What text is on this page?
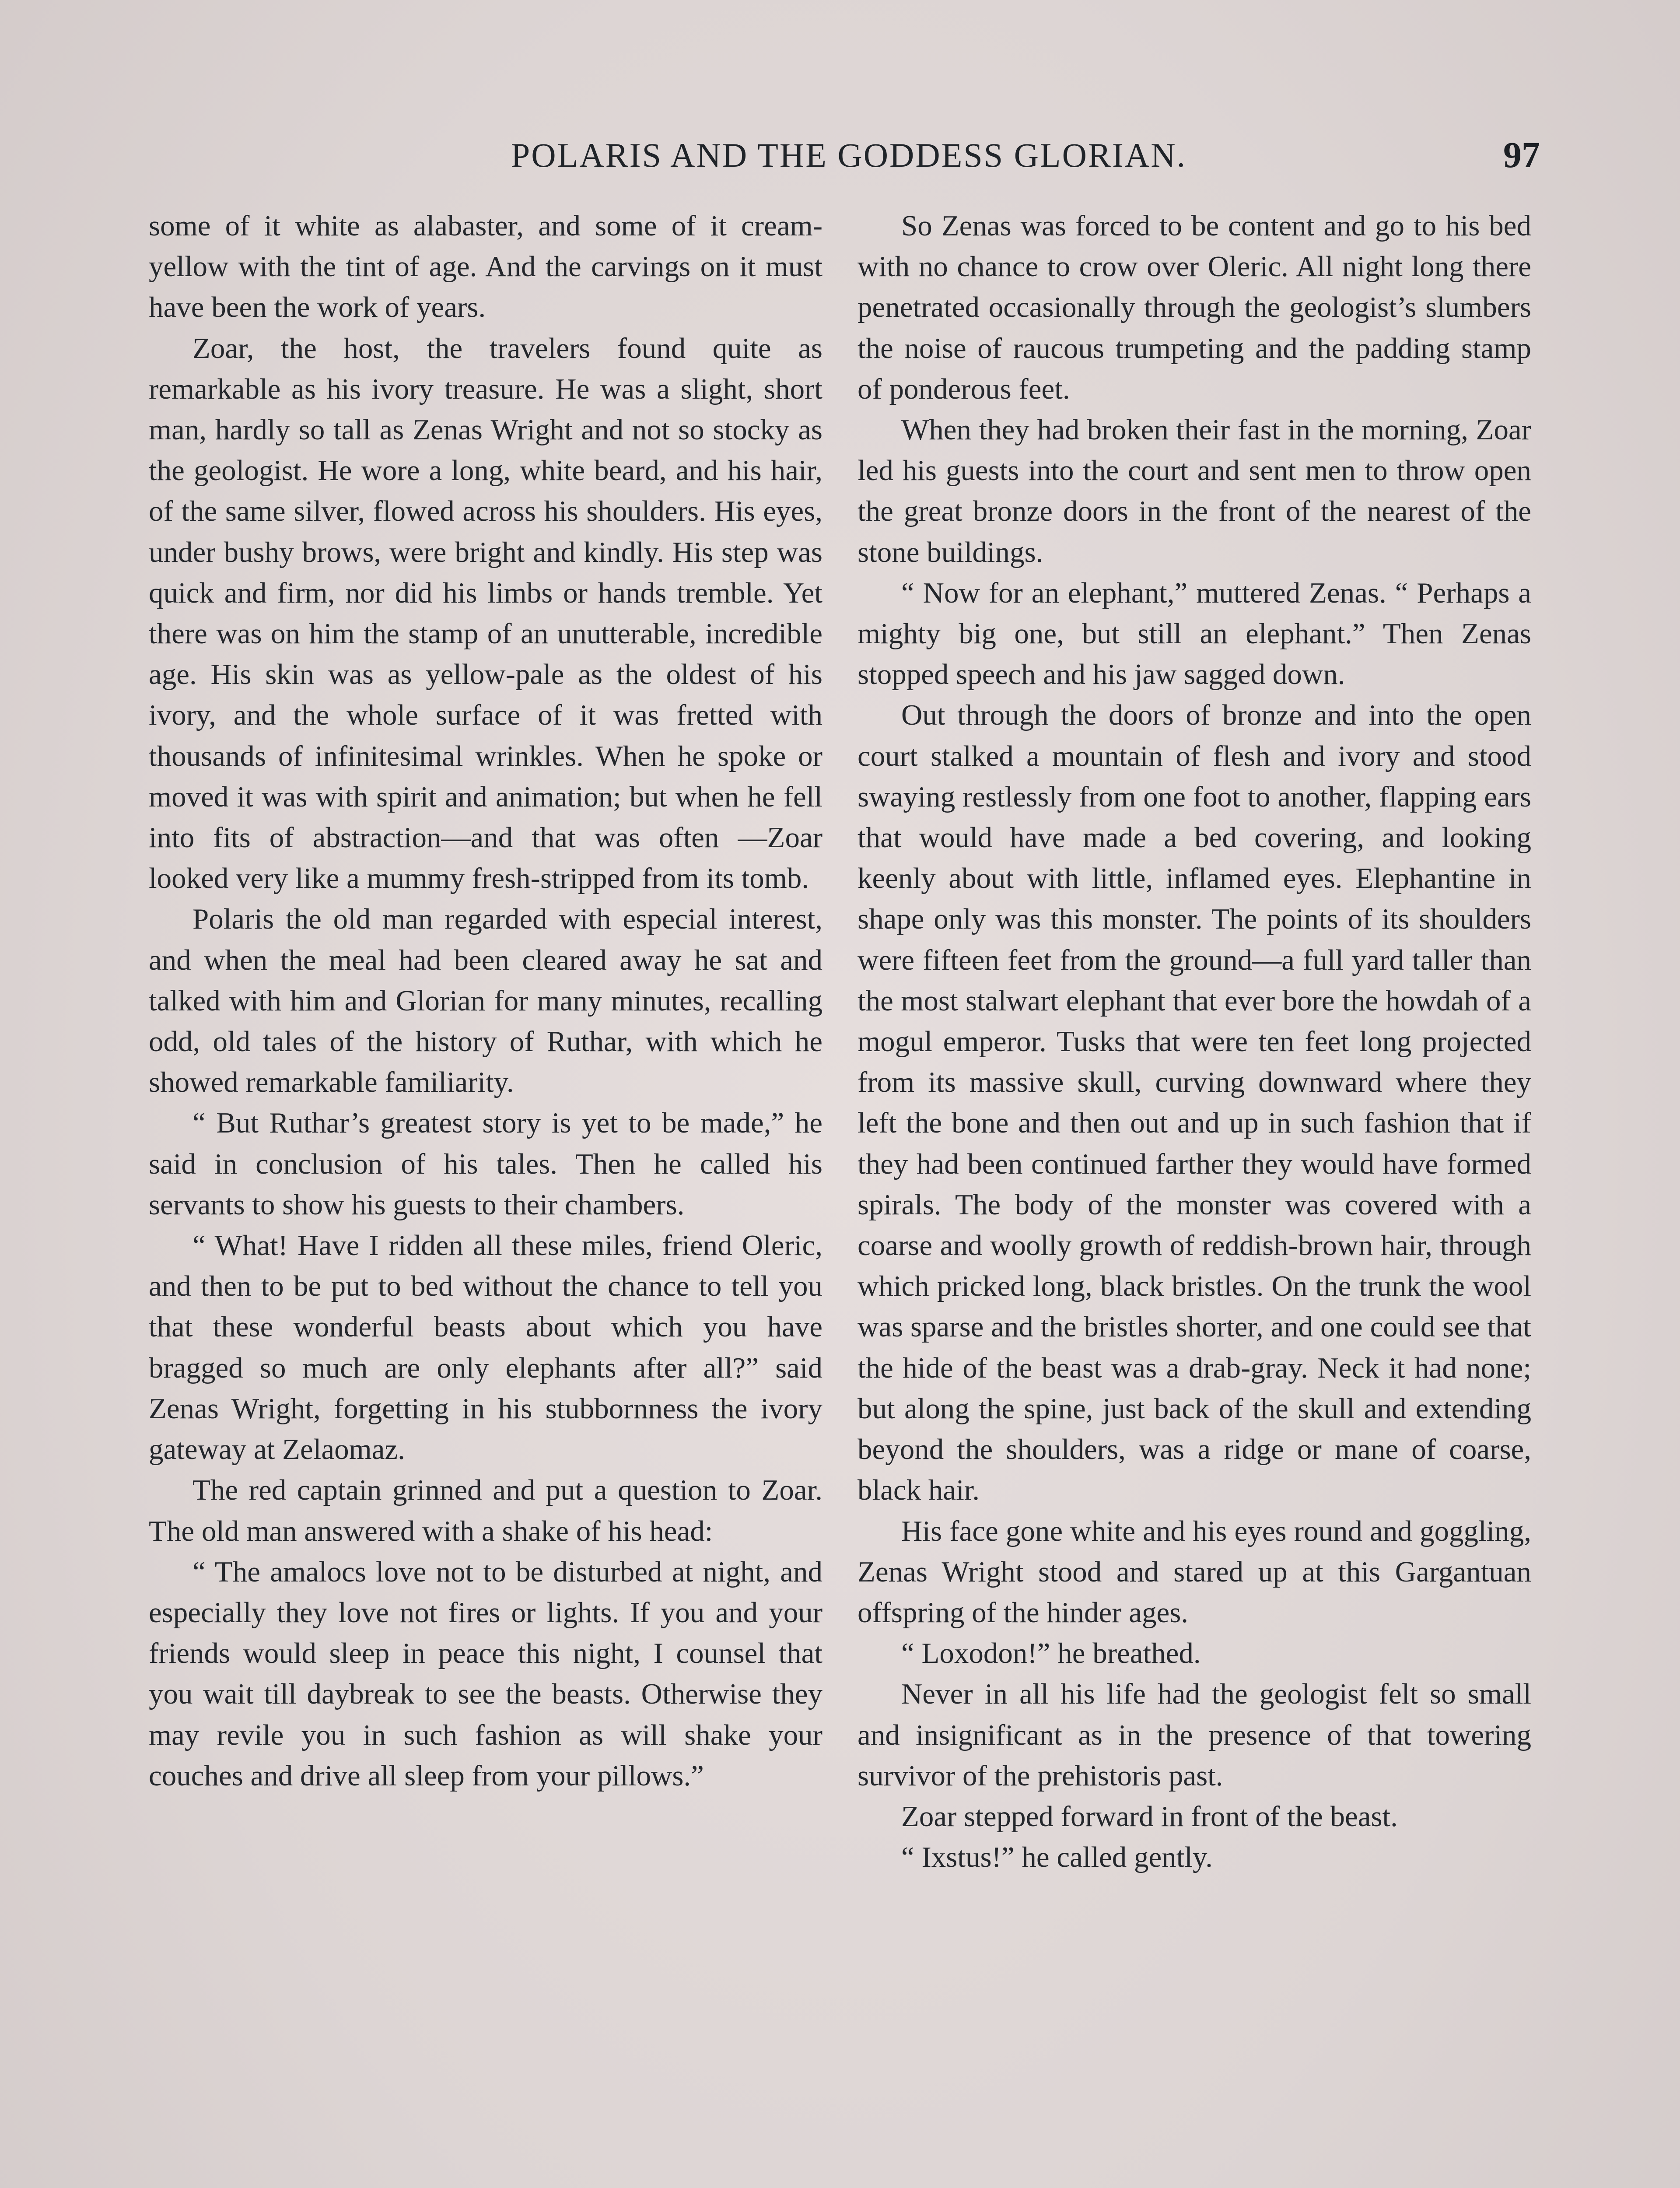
POLARIS AND THE GODDESS GLORIAN.	97

some of it white as alabaster, and some of it cream-yellow with the tint of age. And the carvings on it must have been the work of years.

Zoar, the host, the travelers found quite as remarkable as his ivory treasure. He was a slight, short man, hardly so tall as Zenas Wright and not so stocky as the geologist. He wore a long, white beard, and his hair, of the same silver, flowed across his shoulders. His eyes, under bushy brows, were bright and kindly. His step was quick and firm, nor did his limbs or hands tremble. Yet there was on him the stamp of an unutterable, incredible age. His skin was as yellow-pale as the oldest of his ivory, and the whole surface of it was fretted with thousands of infinitesimal wrinkles. When he spoke or moved it was with spirit and animation; but when he fell into fits of abstraction—and that was often —Zoar looked very like a mummy fresh-stripped from its tomb.

Polaris the old man regarded with especial interest, and when the meal had been cleared away he sat and talked with him and Glorian for many minutes, recalling odd, old tales of the history of Ruthar, with which he showed remarkable familiarity.

“ But Ruthar’s greatest story is yet to be made,” he said in conclusion of his tales. Then he called his servants to show his guests to their chambers.

“ What! Have I ridden all these miles, friend Oleric, and then to be put to bed without the chance to tell you that these wonderful beasts about which you have bragged so much are only elephants after all?” said Zenas Wright, forgetting in his stubbornness the ivory gateway at Zelaomaz.

The red captain grinned and put a question to Zoar. The old man answered with a shake of his head:

“ The amalocs love not to be disturbed at night, and especially they love not fires or lights. If you and your friends would sleep in peace this night, I counsel that you wait till daybreak to see the beasts. Otherwise they may revile you in such fashion as will shake your couches and drive all sleep from your pillows.”

So Zenas was forced to be content and go to his bed with no chance to crow over Oleric. All night long there penetrated occasionally through the geologist’s slumbers the noise of raucous trumpeting and the padding stamp of ponderous feet.

When they had broken their fast in the morning, Zoar led his guests into the court and sent men to throw open the great bronze doors in the front of the nearest of the stone buildings.

“ Now for an elephant,” muttered Zenas. “ Perhaps a mighty big one, but still an elephant.” Then Zenas stopped speech and his jaw sagged down.

Out through the doors of bronze and into the open court stalked a mountain of flesh and ivory and stood swaying restlessly from one foot to another, flapping ears that would have made a bed covering, and looking keenly about with little, inflamed eyes. Elephantine in shape only was this monster. The points of its shoulders were fifteen feet from the ground—a full yard taller than the most stalwart elephant that ever bore the howdah of a mogul emperor. Tusks that were ten feet long projected from its massive skull, curving downward where they left the bone and then out and up in such fashion that if they had been continued farther they would have formed spirals. The body of the monster was covered with a coarse and woolly growth of reddish-brown hair, through which pricked long, black bristles. On the trunk the wool was sparse and the bristles shorter, and one could see that the hide of the beast was a drab-gray. Neck it had none; but along the spine, just back of the skull and extending beyond the shoulders, was a ridge or mane of coarse, black hair.

His face gone white and his eyes round and goggling, Zenas Wright stood and stared up at this Gargantuan offspring of the hinder ages.

“ Loxodon!” he breathed.

Never in all his life had the geologist felt so small and insignificant as in the presence of that towering survivor of the prehistoris past.

Zoar stepped forward in front of the beast.

“ Ixstus!” he called gently.
